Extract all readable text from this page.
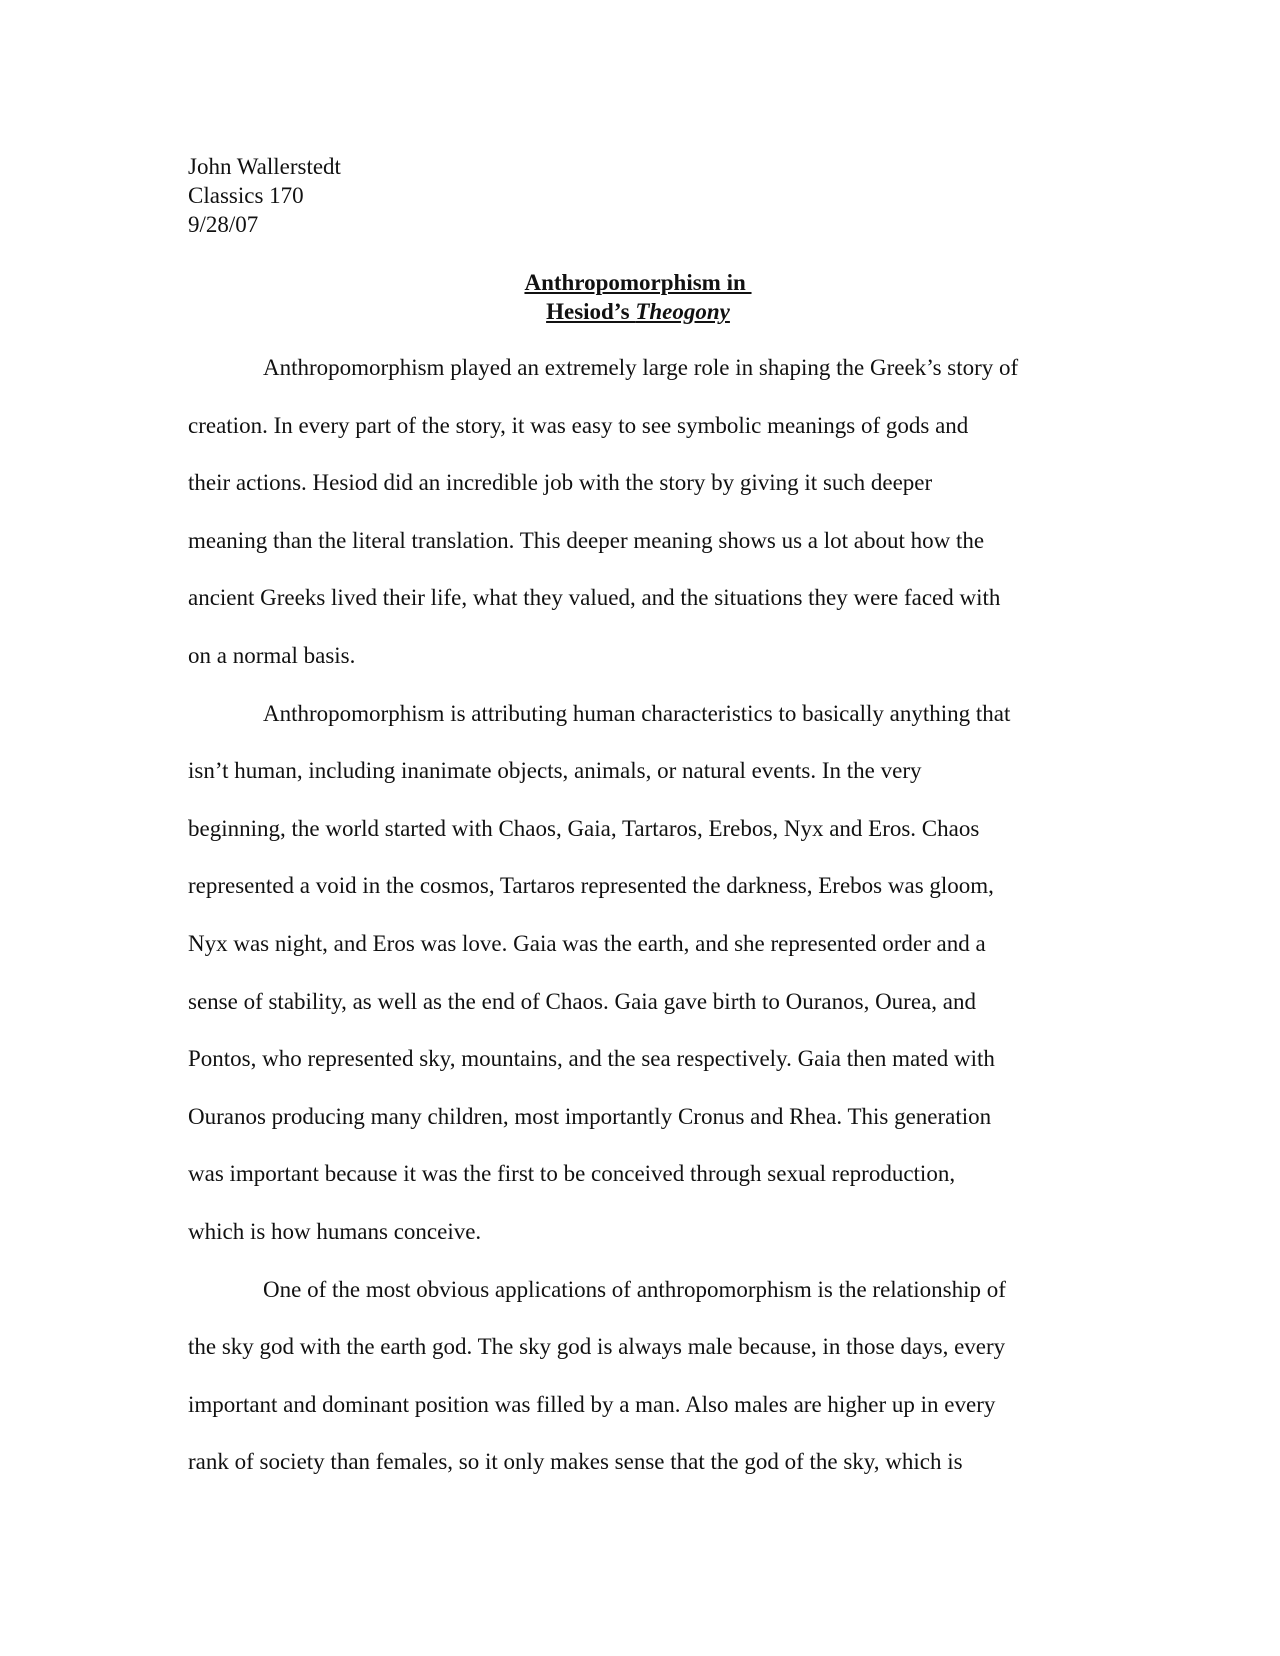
John Wallerstedt
Classics 170
9/28/07
Anthropomorphism in
Hesiod’s Theogony
Anthropomorphism played an extremely large role in shaping the Greek’s story of
creation. In every part of the story, it was easy to see symbolic meanings of gods and
their actions. Hesiod did an incredible job with the story by giving it such deeper
meaning than the literal translation. This deeper meaning shows us a lot about how the
ancient Greeks lived their life, what they valued, and the situations they were faced with
on a normal basis.
Anthropomorphism is attributing human characteristics to basically anything that
isn’t human, including inanimate objects, animals, or natural events. In the very
beginning, the world started with Chaos, Gaia, Tartaros, Erebos, Nyx and Eros. Chaos
represented a void in the cosmos, Tartaros represented the darkness, Erebos was gloom,
Nyx was night, and Eros was love. Gaia was the earth, and she represented order and a
sense of stability, as well as the end of Chaos. Gaia gave birth to Ouranos, Ourea, and
Pontos, who represented sky, mountains, and the sea respectively. Gaia then mated with
Ouranos producing many children, most importantly Cronus and Rhea. This generation
was important because it was the first to be conceived through sexual reproduction,
which is how humans conceive.
One of the most obvious applications of anthropomorphism is the relationship of
the sky god with the earth god. The sky god is always male because, in those days, every
important and dominant position was filled by a man. Also males are higher up in every
rank of society than females, so it only makes sense that the god of the sky, which is
